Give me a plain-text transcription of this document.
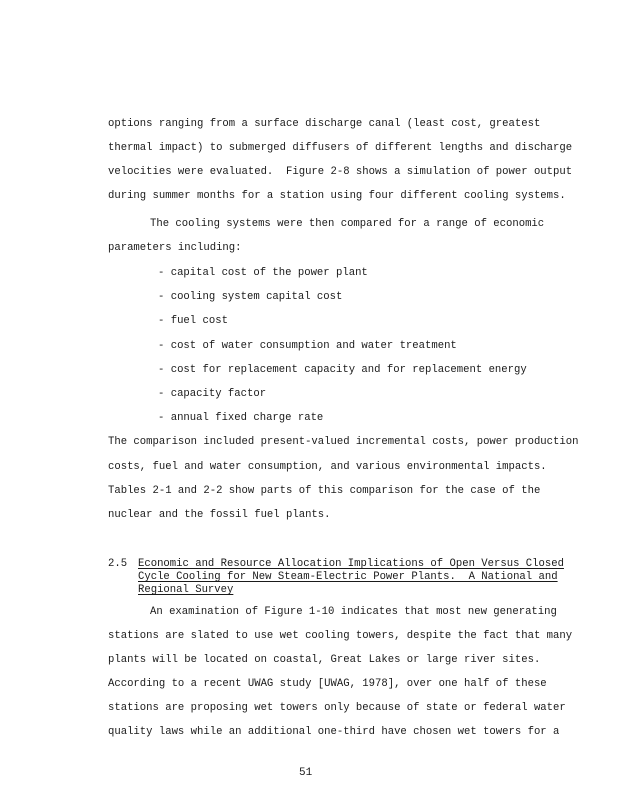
options ranging from a surface discharge canal (least cost, greatest
thermal impact) to submerged diffusers of different lengths and discharge
velocities were evaluated.  Figure 2-8 shows a simulation of power output
during summer months for a station using four different cooling systems.
The cooling systems were then compared for a range of economic
parameters including:
- capital cost of the power plant
- cooling system capital cost
- fuel cost
- cost of water consumption and water treatment
- cost for replacement capacity and for replacement energy
- capacity factor
- annual fixed charge rate
The comparison included present-valued incremental costs, power production
costs, fuel and water consumption, and various environmental impacts.
Tables 2-1 and 2-2 show parts of this comparison for the case of the
nuclear and the fossil fuel plants.
2.5 Economic and Resource Allocation Implications of Open Versus Closed
Cycle Cooling for New Steam-Electric Power Plants.  A National and
Regional Survey
An examination of Figure 1-10 indicates that most new generating
stations are slated to use wet cooling towers, despite the fact that many
plants will be located on coastal, Great Lakes or large river sites.
According to a recent UWAG study [UWAG, 1978], over one half of these
stations are proposing wet towers only because of state or federal water
quality laws while an additional one-third have chosen wet towers for a
51
